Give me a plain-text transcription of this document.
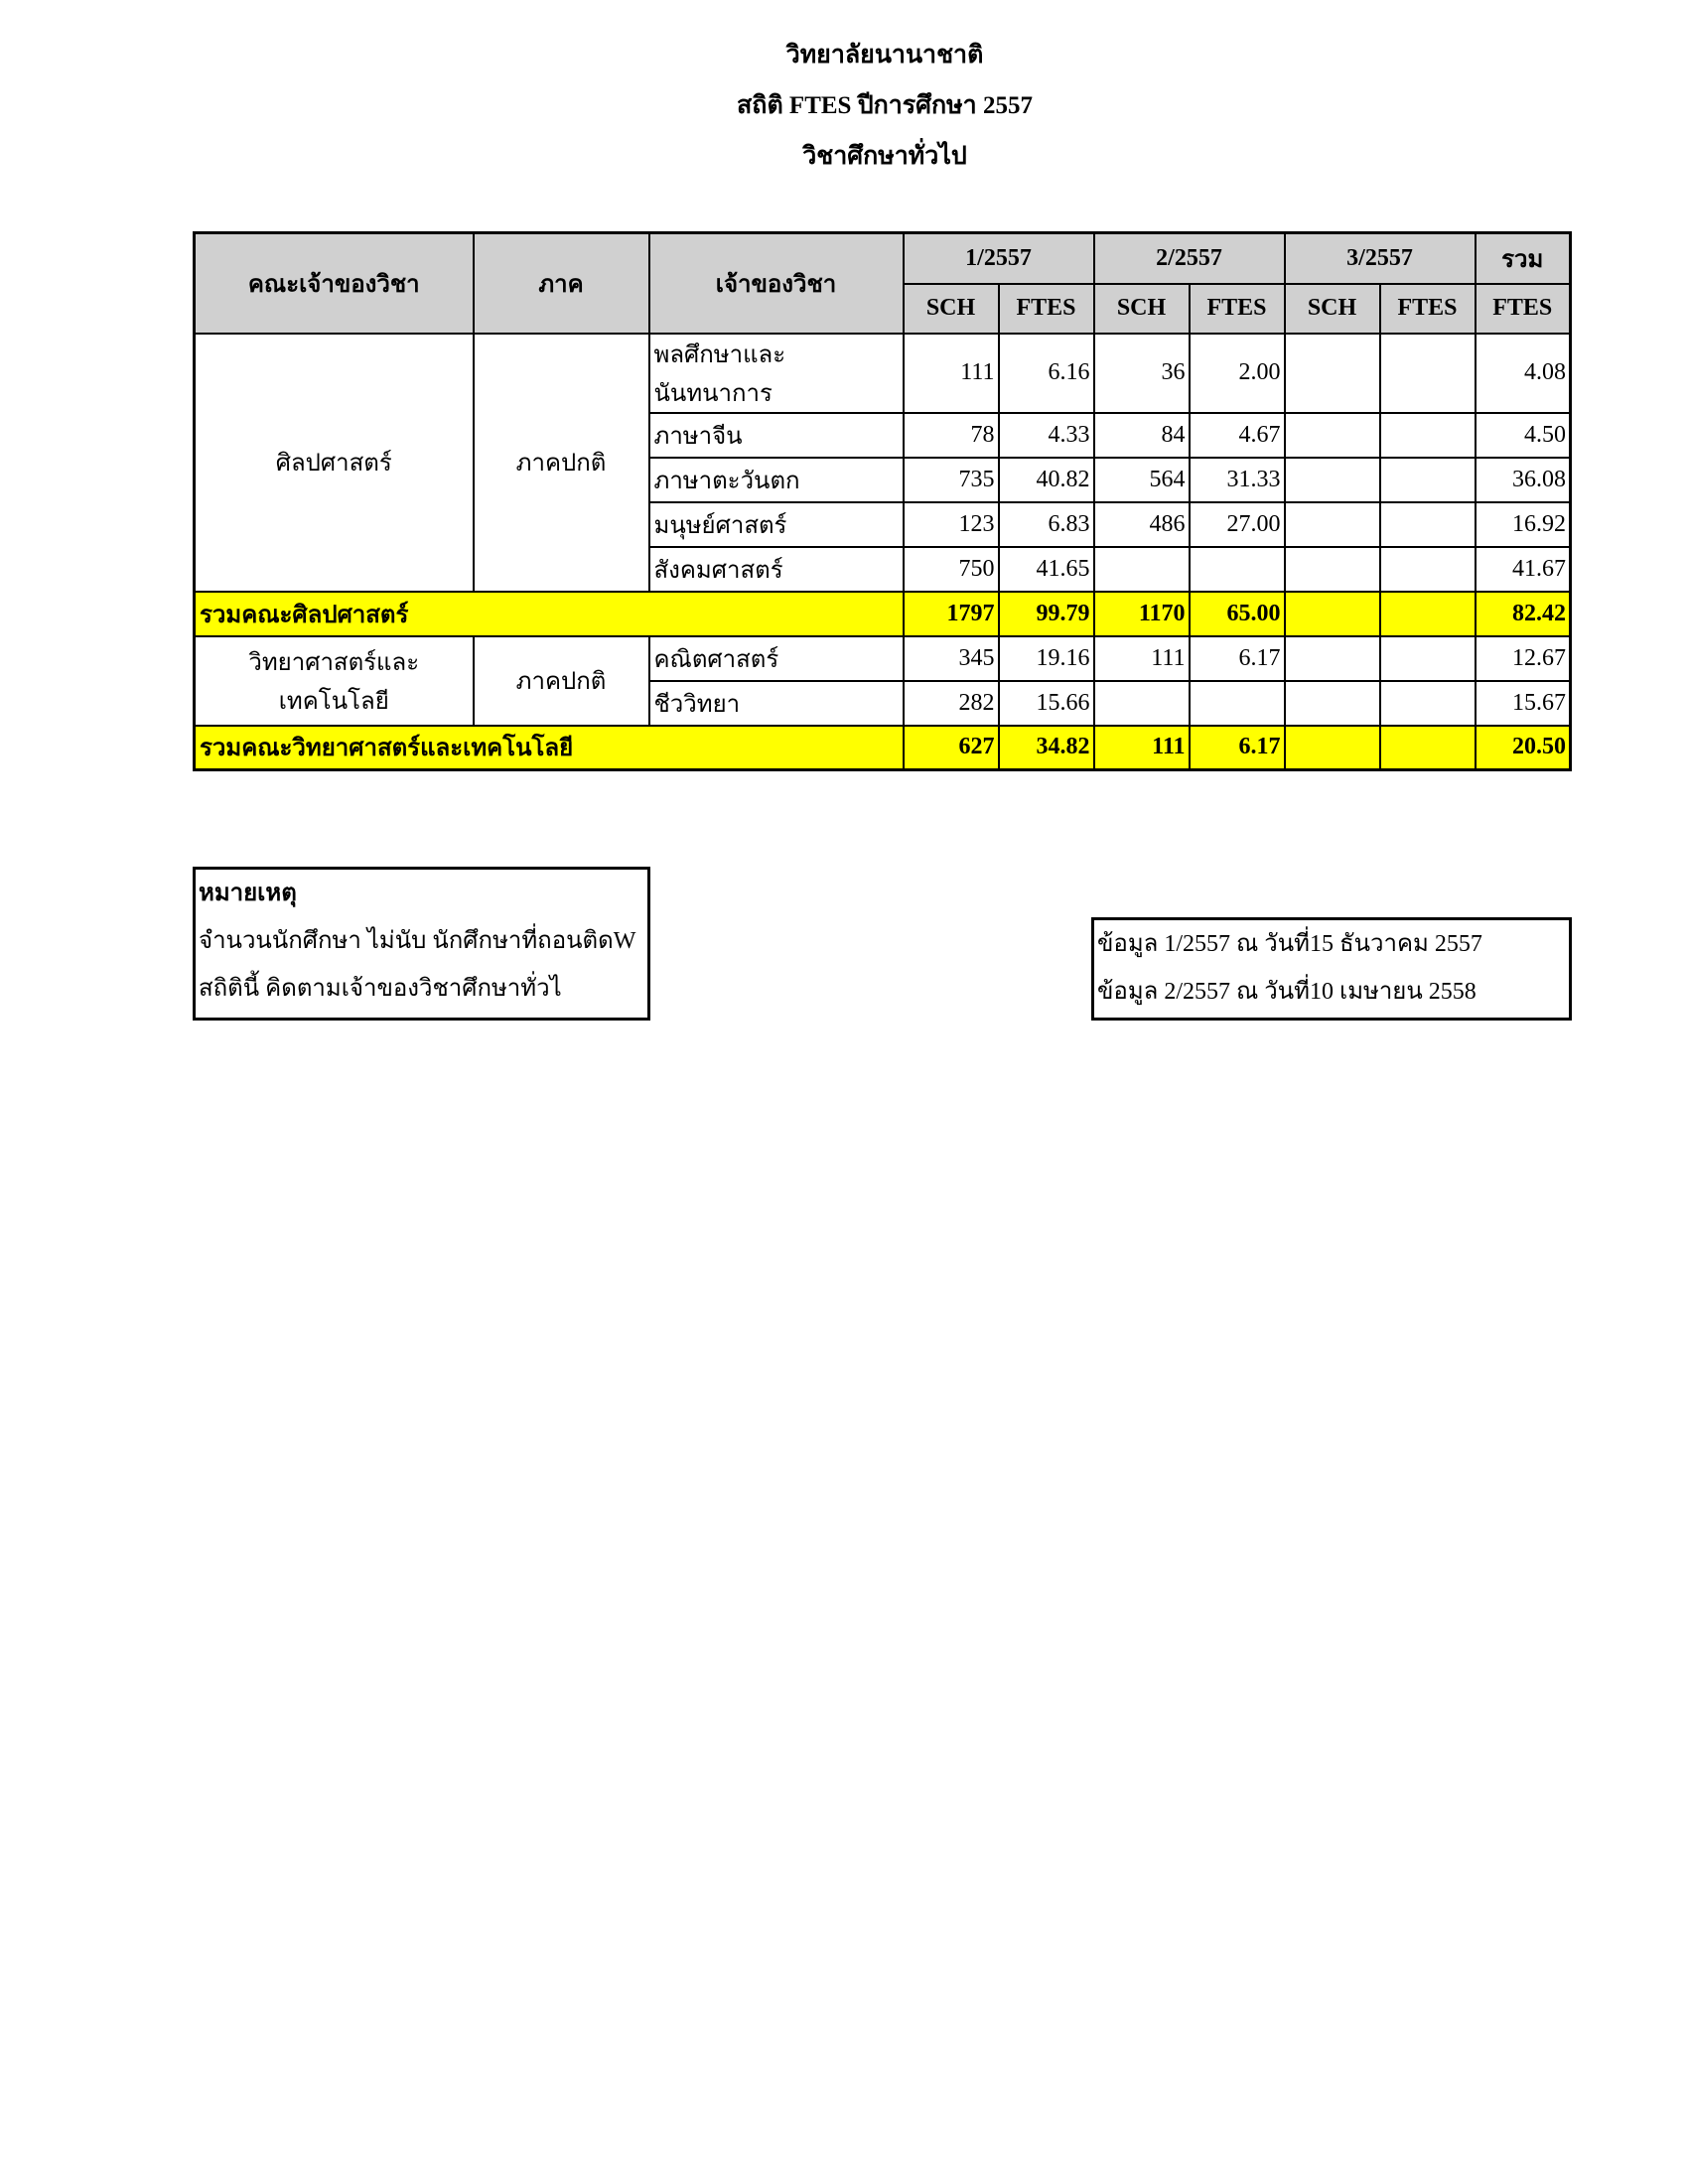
วิทยาลัยนานาชาติ
สถิติ FTES ปีการศึกษา 2557
วิชาศึกษาทั่วไป
คณะเจ้าของวิชา	ภาค	เจ้าของวิชา	1/2557		2/2557		3/2557		รวม
			SCH	FTES	SCH	FTES	SCH	FTES	FTES
ศิลปศาสตร์	ภาคปกติ	พลศึกษาและนันทนาการ	111	6.16	36	2.00			4.08
		ภาษาจีน	78	4.33	84	4.67			4.50
		ภาษาตะวันตก	735	40.82	564	31.33			36.08
		มนุษย์ศาสตร์	123	6.83	486	27.00			16.92
		สังคมศาสตร์	750	41.65					41.67
รวมคณะศิลปศาสตร์			1797	99.79	1170	65.00			82.42
วิทยาศาสตร์และเทคโนโลยี	ภาคปกติ	คณิตศาสตร์	345	19.16	111	6.17			12.67
		ชีววิทยา	282	15.66					15.67
รวมคณะวิทยาศาสตร์และเทคโนโลยี			627	34.82	111	6.17			20.50
หมายเหตุ
จำนวนนักศึกษา ไม่นับ นักศึกษาที่ถอนติดW
สถิตินี้ คิดตามเจ้าของวิชาศึกษาทั่วไ
ข้อมูล 1/2557 ณ วันที่15 ธันวาคม 2557
ข้อมูล 2/2557 ณ วันที่10 เมษายน 2558
